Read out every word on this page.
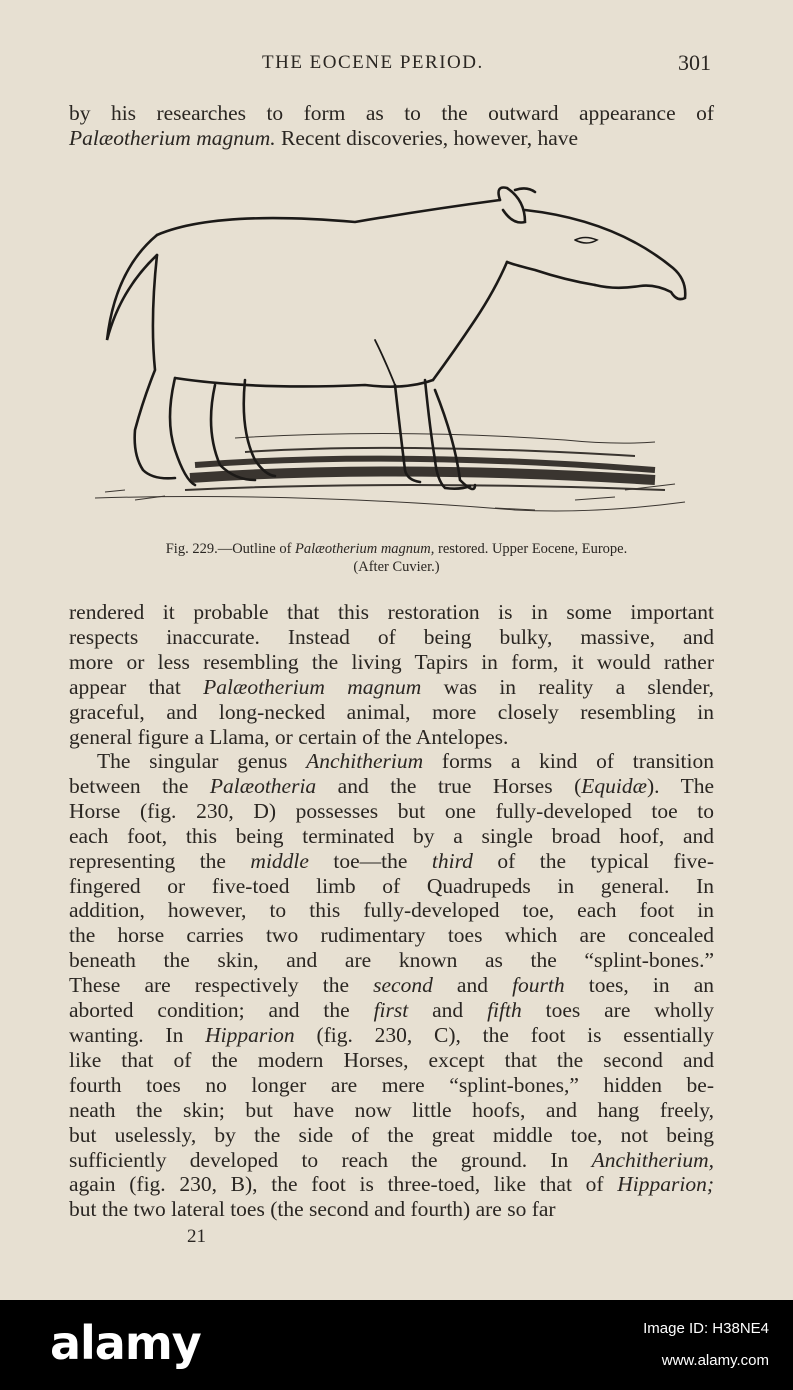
THE EOCENE PERIOD.	301

by his researches to form as to the outward appearance of
Palæotherium magnum. Recent discoveries, however, have

Fig. 229.—Outline of Palæotherium magnum, restored. Upper Eocene, Europe.
(After Cuvier.)

rendered it probable that this restoration is in some important
respects inaccurate. Instead of being bulky, massive, and
more or less resembling the living Tapirs in form, it would rather
appear that Palæotherium magnum was in reality a slender,
graceful, and long-necked animal, more closely resembling in
general figure a Llama, or certain of the Antelopes.

The singular genus Anchitherium forms a kind of transition
between the Palæotheria and the true Horses (Equidæ). The
Horse (fig. 230, D) possesses but one fully-developed toe to
each foot, this being terminated by a single broad hoof, and
representing the middle toe—the third of the typical five-
fingered or five-toed limb of Quadrupeds in general. In
addition, however, to this fully-developed toe, each foot in
the horse carries two rudimentary toes which are concealed
beneath the skin, and are known as the “splint-bones.”
These are respectively the second and fourth toes, in an
aborted condition; and the first and fifth toes are wholly
wanting. In Hipparion (fig. 230, C), the foot is essentially
like that of the modern Horses, except that the second and
fourth toes no longer are mere “splint-bones,” hidden be-
neath the skin; but have now little hoofs, and hang freely,
but uselessly, by the side of the great middle toe, not being
sufficiently developed to reach the ground. In Anchitherium,
again (fig. 230, B), the foot is three-toed, like that of Hipparion;
but the two lateral toes (the second and fourth) are so far

21
alamy	Image ID: H38NE4
www.alamy.com
